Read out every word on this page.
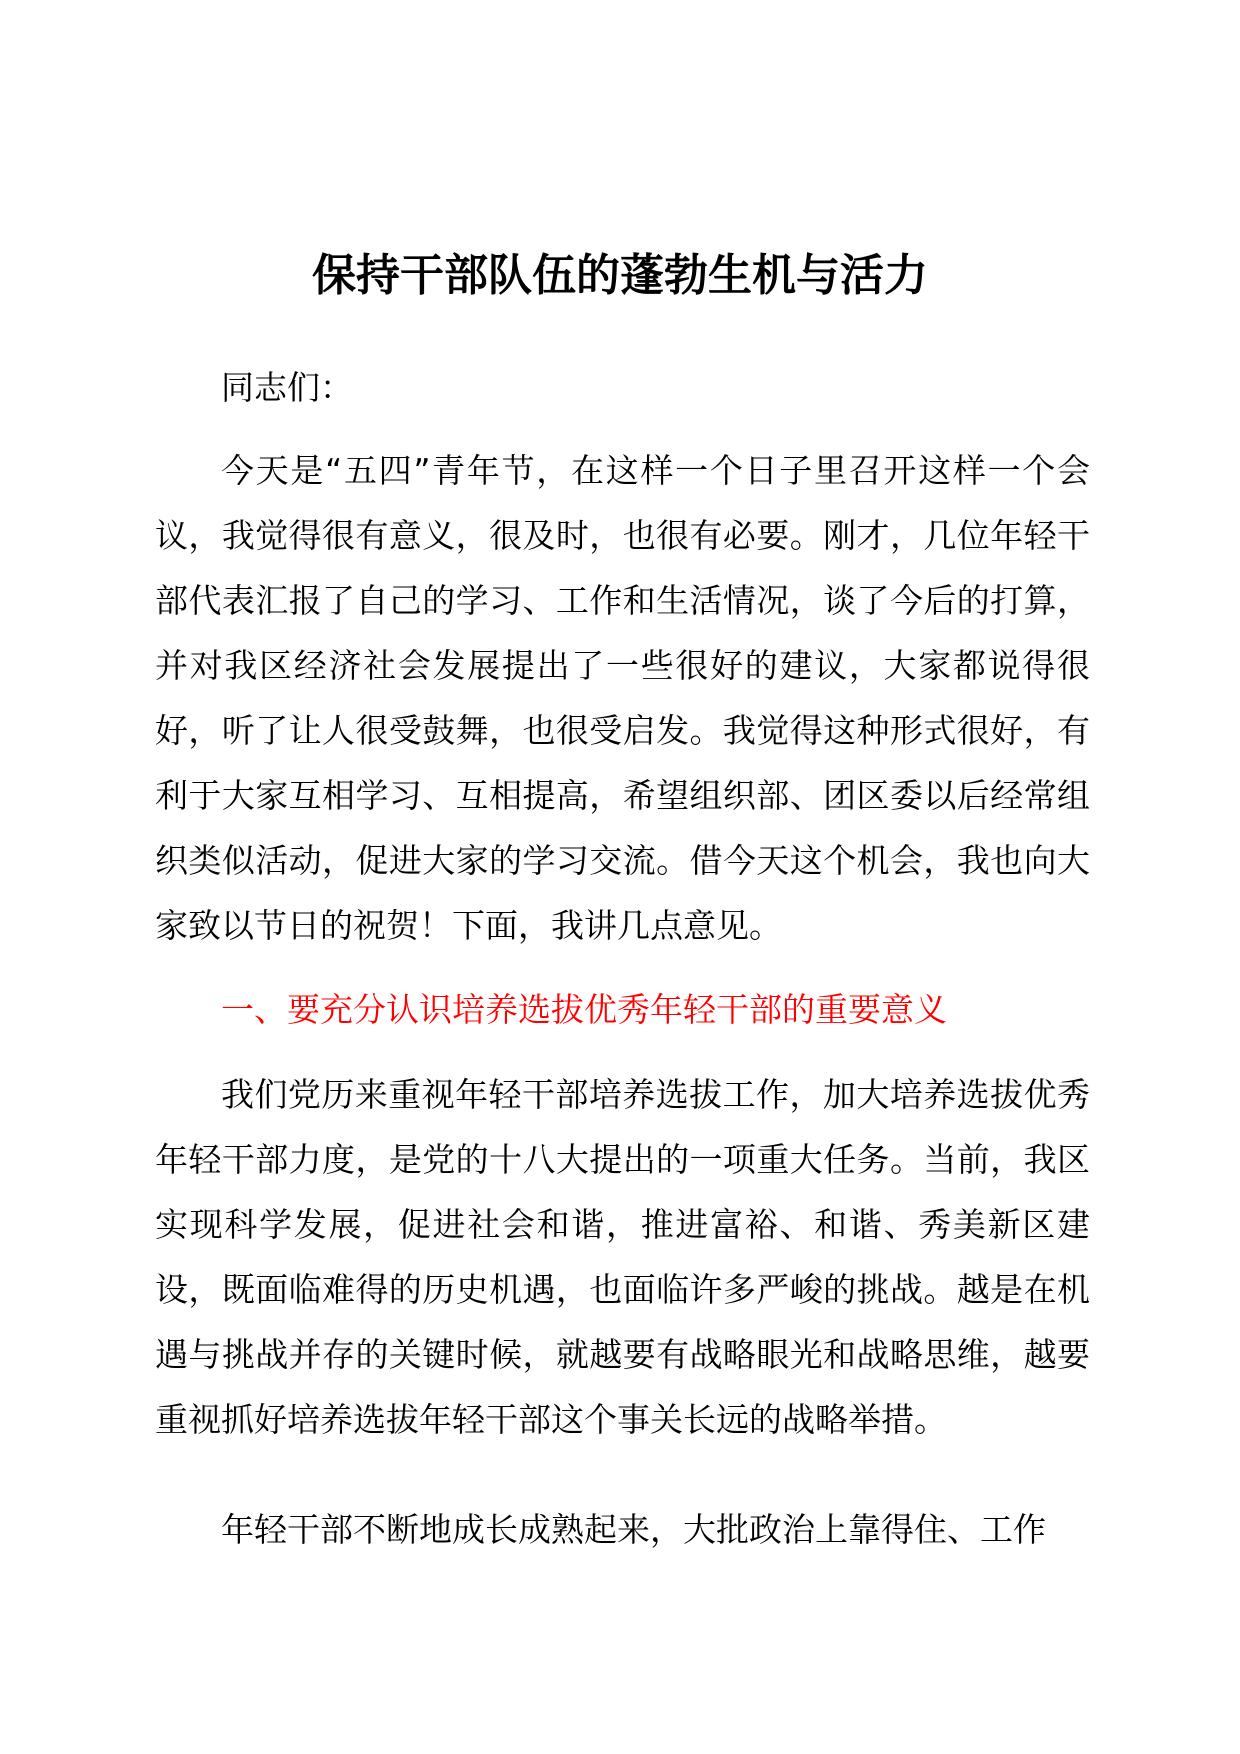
保持干部队伍的蓬勃生机与活力

同志们：

今天是“五四”青年节，在这样一个日子里召开这样一个会议，我觉得很有意义，很及时，也很有必要。刚才，几位年轻干部代表汇报了自己的学习、工作和生活情况，谈了今后的打算，并对我区经济社会发展提出了一些很好的建议，大家都说得很好，听了让人很受鼓舞，也很受启发。我觉得这种形式很好，有利于大家互相学习、互相提高，希望组织部、团区委以后经常组织类似活动，促进大家的学习交流。借今天这个机会，我也向大家致以节日的祝贺！下面，我讲几点意见。

一、要充分认识培养选拔优秀年轻干部的重要意义

我们党历来重视年轻干部培养选拔工作，加大培养选拔优秀年轻干部力度，是党的十八大提出的一项重大任务。当前，我区实现科学发展，促进社会和谐，推进富裕、和谐、秀美新区建设，既面临难得的历史机遇，也面临许多严峻的挑战。越是在机遇与挑战并存的关键时候，就越要有战略眼光和战略思维，越要重视抓好培养选拔年轻干部这个事关长远的战略举措。

年轻干部不断地成长成熟起来，大批政治上靠得住、工作
